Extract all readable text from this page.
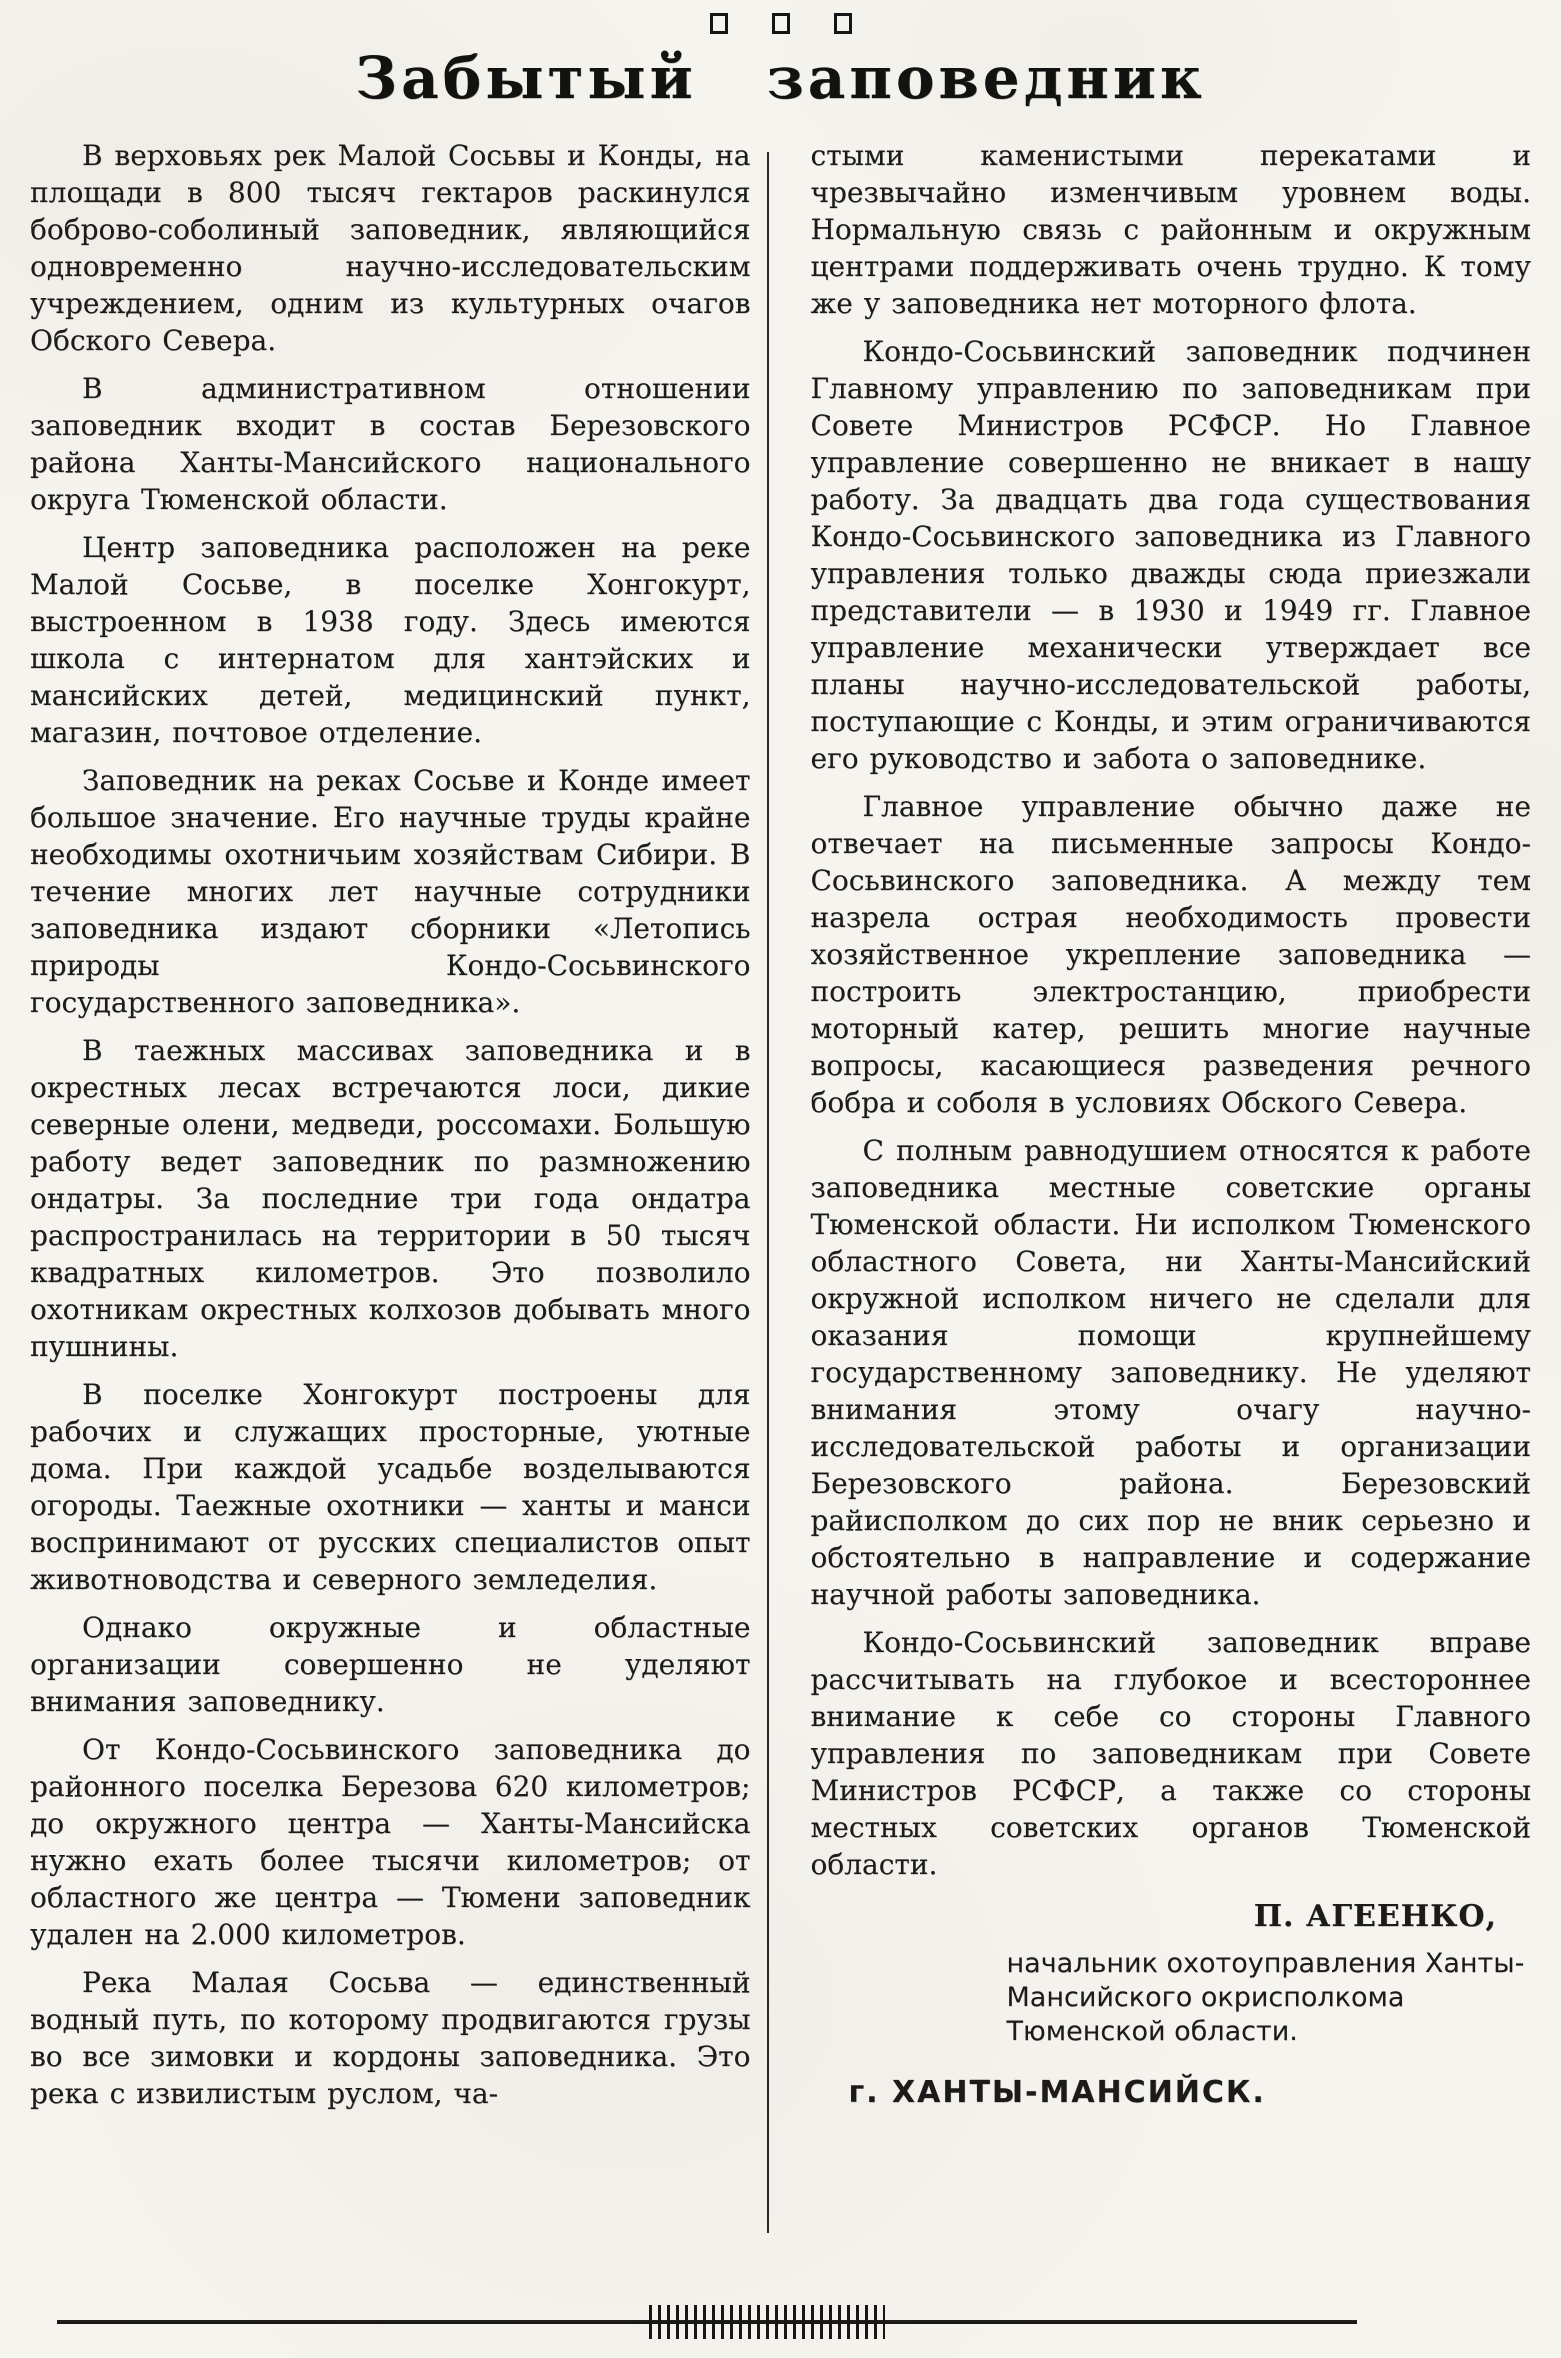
Забытый заповедник

В верховьях рек Малой Сосьвы и Конды, на площади в 800 тысяч гектаров раскинулся боброво-соболиный заповедник, являющийся одновременно научно-исследовательским учреждением, одним из культурных очагов Обского Севера.

В административном отношении заповедник входит в состав Березовского района Ханты-Мансийского национального округа Тюменской области.

Центр заповедника расположен на реке Малой Сосьве, в поселке Хонгокурт, выстроенном в 1938 году. Здесь имеются школа с интернатом для хантэйских и мансийских детей, медицинский пункт, магазин, почтовое отделение.

Заповедник на реках Сосьве и Конде имеет большое значение. Его научные труды крайне необходимы охотничьим хозяйствам Сибири. В течение многих лет научные сотрудники заповедника издают сборники «Летопись природы Кондо-Сосьвинского государственного заповедника».

В таежных массивах заповедника и в окрестных лесах встречаются лоси, дикие северные олени, медведи, россомахи. Большую работу ведет заповедник по размножению ондатры. За последние три года ондатра распространилась на территории в 50 тысяч квадратных километров. Это позволило охотникам окрестных колхозов добывать много пушнины.

В поселке Хонгокурт построены для рабочих и служащих просторные, уютные дома. При каждой усадьбе возделываются огороды. Таежные охотники — ханты и манси воспринимают от русских специалистов опыт животноводства и северного земледелия.

Однако окружные и областные организации совершенно не уделяют внимания заповеднику.

От Кондо-Сосьвинского заповедника до районного поселка Березова 620 километров; до окружного центра — Ханты-Мансийска нужно ехать более тысячи километров; от областного же центра — Тюмени заповедник удален на 2.000 километров.

Река Малая Сосьва — единственный водный путь, по которому продвигаются грузы во все зимовки и кордоны заповедника. Это река с извилистым руслом, ча-

стыми каменистыми перекатами и чрезвычайно изменчивым уровнем воды. Нормальную связь с районным и окружным центрами поддерживать очень трудно. К тому же у заповедника нет моторного флота.

Кондо-Сосьвинский заповедник подчинен Главному управлению по заповедникам при Совете Министров РСФСР. Но Главное управление совершенно не вникает в нашу работу. За двадцать два года существования Кондо-Сосьвинского заповедника из Главного управления только дважды сюда приезжали представители — в 1930 и 1949 гг. Главное управление механически утверждает все планы научно-исследовательской работы, поступающие с Конды, и этим ограничиваются его руководство и забота о заповеднике.

Главное управление обычно даже не отвечает на письменные запросы Кондо-Сосьвинского заповедника. А между тем назрела острая необходимость провести хозяйственное укрепление заповедника — построить электростанцию, приобрести моторный катер, решить многие научные вопросы, касающиеся разведения речного бобра и соболя в условиях Обского Севера.

С полным равнодушием относятся к работе заповедника местные советские органы Тюменской области. Ни исполком Тюменского областного Совета, ни Ханты-Мансийский окружной исполком ничего не сделали для оказания помощи крупнейшему государственному заповеднику. Не уделяют внимания этому очагу научно-исследовательской работы и организации Березовского района. Березовский райисполком до сих пор не вник серьезно и обстоятельно в направление и содержание научной работы заповедника.

Кондо-Сосьвинский заповедник вправе рассчитывать на глубокое и всестороннее внимание к себе со стороны Главного управления по заповедникам при Совете Министров РСФСР, а также со стороны местных советских органов Тюменской области.

П. АГЕЕНКО,
начальник охотоуправления Ханты-Мансийского окрисполкома Тюменской области.
г. ХАНТЫ-МАНСИЙСК.
